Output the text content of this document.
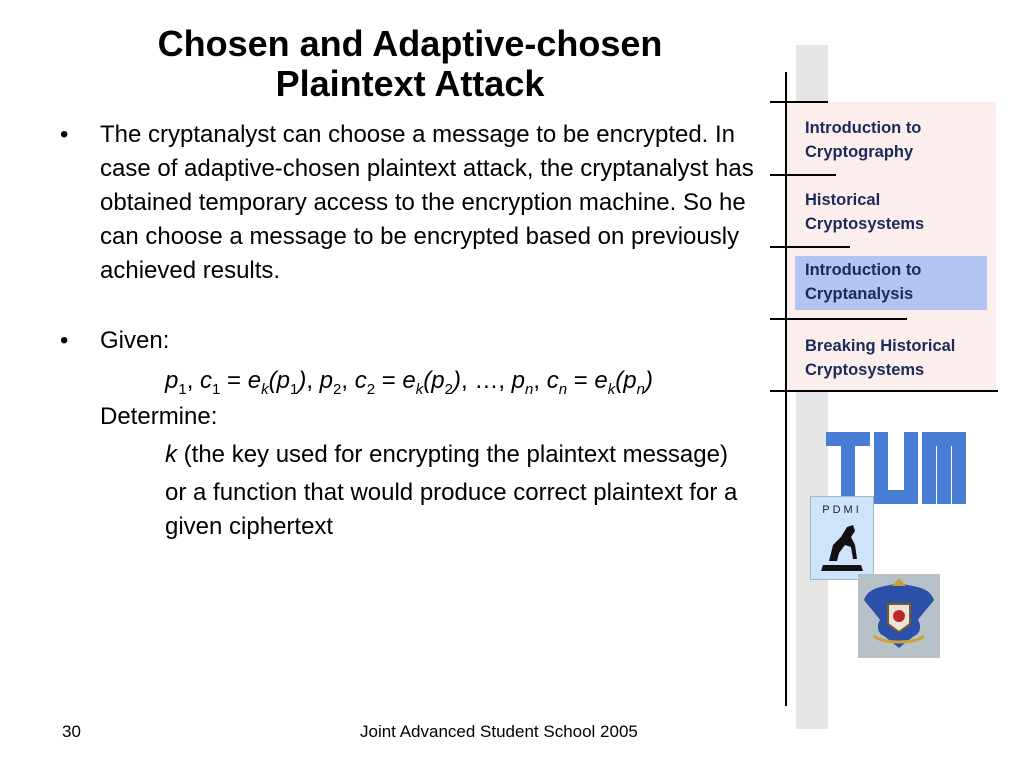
Chosen and Adaptive-chosen
Plaintext Attack
• The cryptanalyst can choose a message to be encrypted. In case of adaptive-chosen plaintext attack, the cryptanalyst has obtained temporary access to the encryption machine. So he can choose a message to be encrypted based on previously achieved results.
• Given:
$p_1$, $c_1 = e_k(p_1)$, $p_2$, $c_2 = e_k(p_2)$, …, $p_n$, $c_n = e_k(p_n)$
Determine:
k (the key used for encrypting the plaintext message)
or a function that would produce correct plaintext for a given ciphertext
Introduction to
Cryptography
Historical
Cryptosystems
Introduction to
Cryptanalysis
Breaking Historical
Cryptosystems
PDMI
30	Joint Advanced Student School 2005
